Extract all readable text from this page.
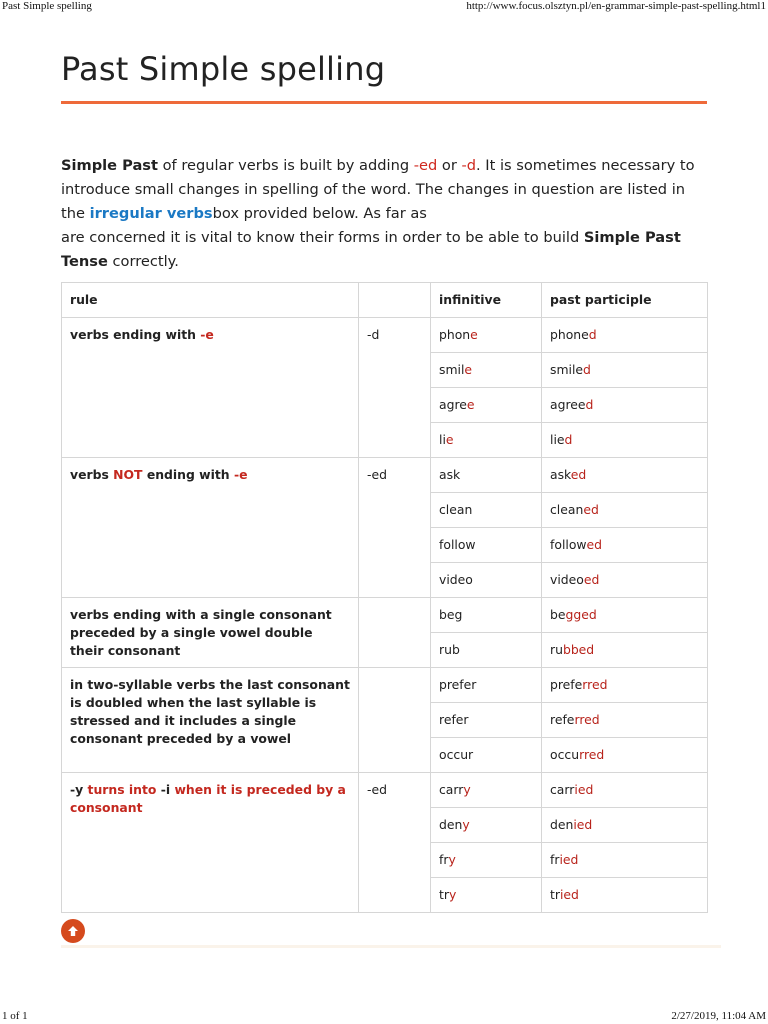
Past Simple spelling	http://www.focus.olsztyn.pl/en-grammar-simple-past-spelling.html1
Past Simple spelling

Simple Past of regular verbs is built by adding -ed or -d. It is sometimes necessary to introduce small changes in spelling of the word. The changes in question are listed in the irregular verbsbox provided below. As far as
are concerned it is vital to know their forms in order to be able to build Simple Past Tense correctly.

rule		infinitive	past participle
verbs ending with -e	-d	phone	phoned
		smile	smiled
		agree	agreed
		lie	lied
verbs NOT ending with -e	-ed	ask	asked
		clean	cleaned
		follow	followed
		video	videoed
verbs ending with a single consonant preceded by a single vowel double their consonant		beg	begged
		rub	rubbed
in two-syllable verbs the last consonant is doubled when the last syllable is stressed and it includes a single consonant preceded by a vowel		prefer	preferred
		refer	referred
		occur	occurred
-y turns into -i when it is preceded by a consonant	-ed	carry	carried
		deny	denied
		fry	fried
		try	tried
1 of 1	2/27/2019, 11:04 AM
